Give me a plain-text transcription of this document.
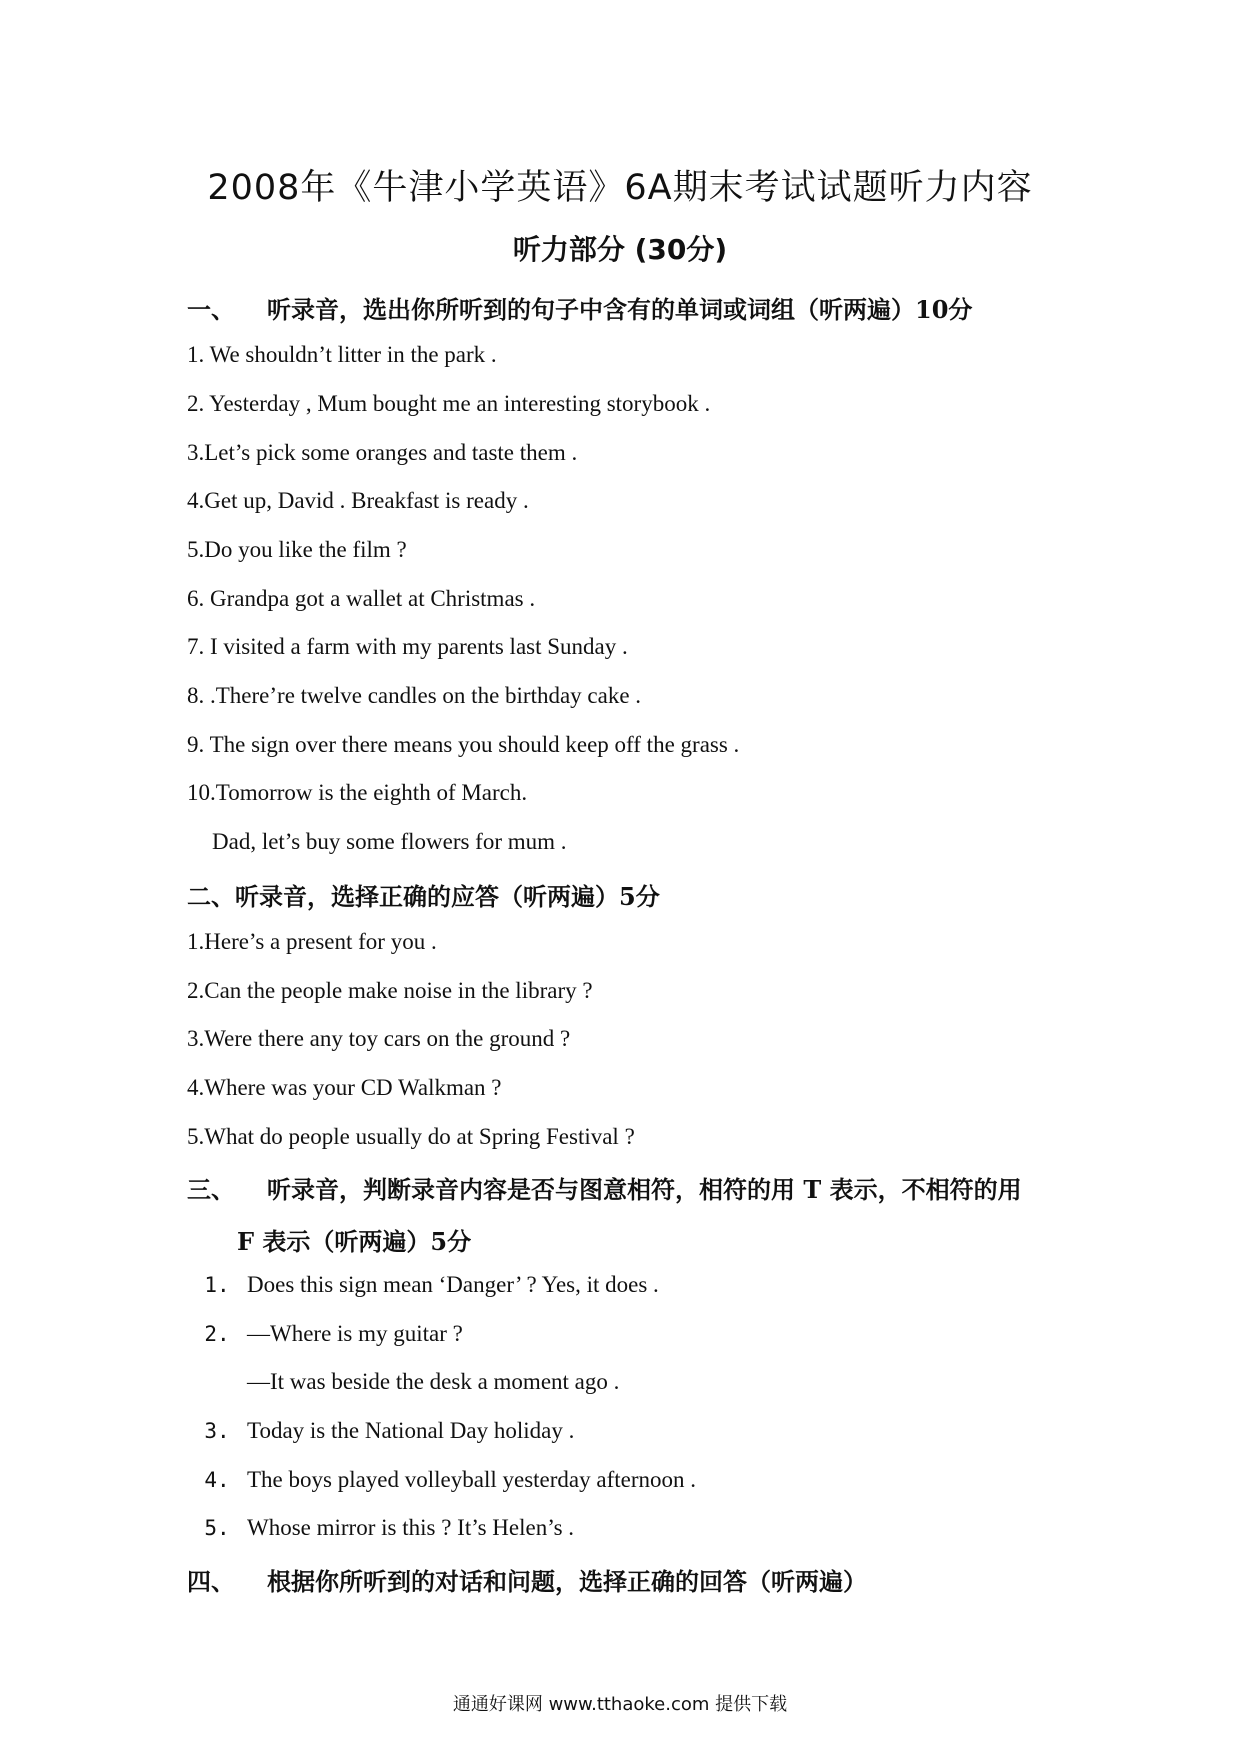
2008年《牛津小学英语》6A期末考试试题听力内容
听力部分 (30分)
一、 听录音，选出你所听到的句子中含有的单词或词组（听两遍）10分
1. We shouldn’t litter in the park .
2. Yesterday , Mum bought me an interesting storybook .
3.Let’s pick some oranges and taste them .
4.Get up, David . Breakfast is ready .
5.Do you like the film ?
6. Grandpa got a wallet at Christmas .
7. I visited a farm with my parents last Sunday .
8. .There’re twelve candles on the birthday cake .
9. The sign over there means you should keep off the grass .
10.Tomorrow is the eighth of March.
Dad, let’s buy some flowers for mum .
二、听录音，选择正确的应答（听两遍）5分
1.Here’s a present for you .
2.Can the people make noise in the library ?
3.Were there any toy cars on the ground ?
4.Where was your CD Walkman ?
5.What do people usually do at Spring Festival ?
三、 听录音，判断录音内容是否与图意相符，相符的用 T 表示，不相符的用
F 表示（听两遍）5分
1. Does this sign mean ‘Danger’ ? Yes, it does .
2. —Where is my guitar ?
—It was beside the desk a moment ago .
3. Today is the National Day holiday .
4. The boys played volleyball yesterday afternoon .
5. Whose mirror is this ? It’s Helen’s .
四、 根据你所听到的对话和问题，选择正确的回答（听两遍）
通通好课网 www.tthaoke.com 提供下载
